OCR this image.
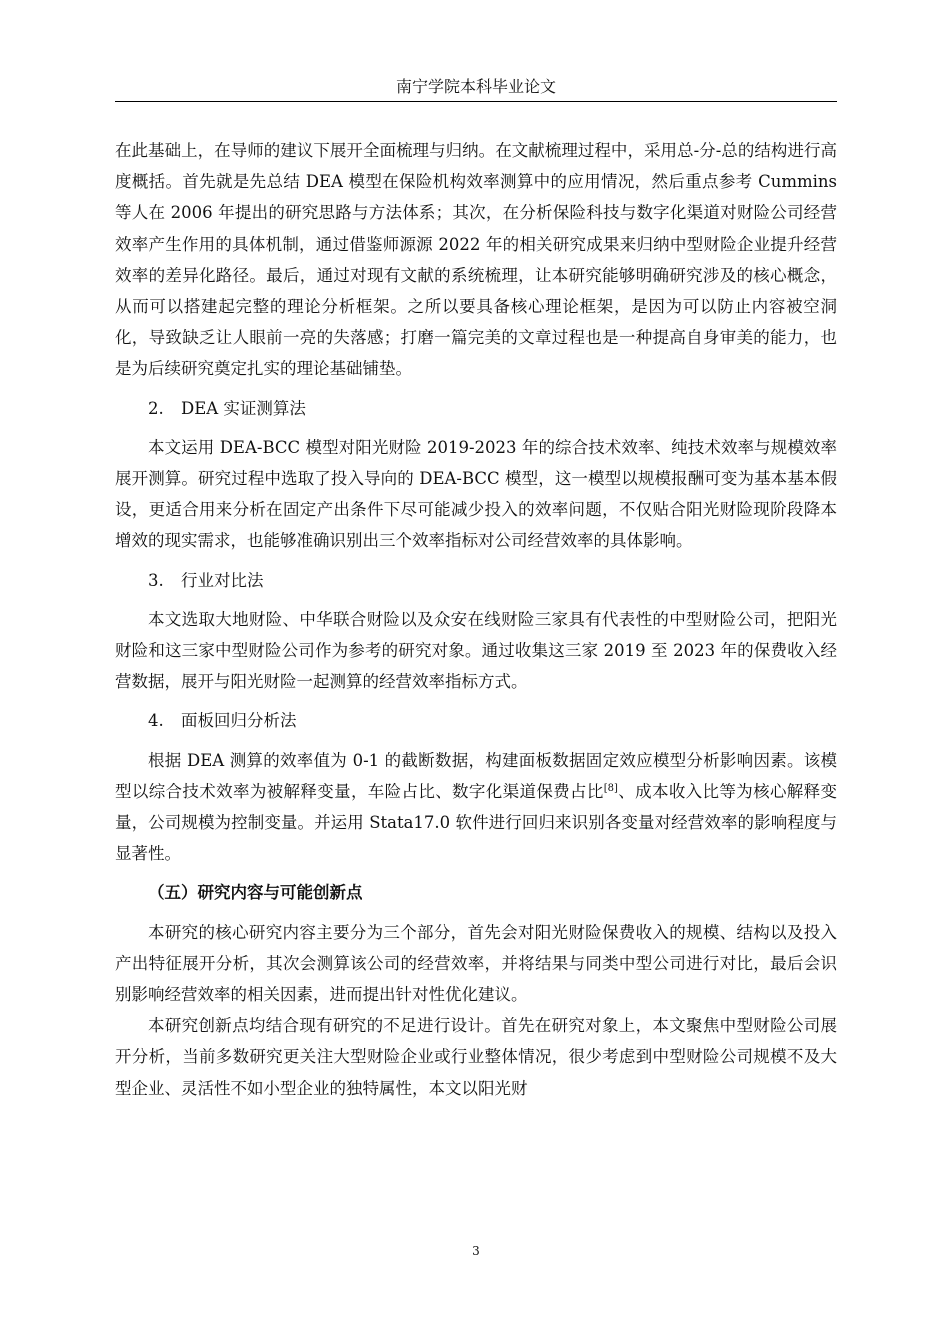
南宁学院本科毕业论文

在此基础上，在导师的建议下展开全面梳理与归纳。在文献梳理过程中，采用总-分-总的结构进行高度概括。首先就是先总结 DEA 模型在保险机构效率测算中的应用情况，然后重点参考 Cummins 等人在 2006 年提出的研究思路与方法体系；其次，在分析保险科技与数字化渠道对财险公司经营效率产生作用的具体机制，通过借鉴师源源 2022 年的相关研究成果来归纳中型财险企业提升经营效率的差异化路径。最后，通过对现有文献的系统梳理，让本研究能够明确研究涉及的核心概念，从而可以搭建起完整的理论分析框架。之所以要具备核心理论框架，是因为可以防止内容被空洞化，导致缺乏让人眼前一亮的失落感；打磨一篇完美的文章过程也是一种提高自身审美的能力，也是为后续研究奠定扎实的理论基础铺垫。

2. DEA 实证测算法

本文运用 DEA-BCC 模型对阳光财险 2019-2023 年的综合技术效率、纯技术效率与规模效率展开测算。研究过程中选取了投入导向的 DEA-BCC 模型，这一模型以规模报酬可变为基本基本假设，更适合用来分析在固定产出条件下尽可能减少投入的效率问题，不仅贴合阳光财险现阶段降本增效的现实需求，也能够准确识别出三个效率指标对公司经营效率的具体影响。

3. 行业对比法

本文选取大地财险、中华联合财险以及众安在线财险三家具有代表性的中型财险公司，把阳光财险和这三家中型财险公司作为参考的研究对象。通过收集这三家 2019 至 2023 年的保费收入经营数据，展开与阳光财险一起测算的经营效率指标方式。

4. 面板回归分析法

根据 DEA 测算的效率值为 0-1 的截断数据，构建面板数据固定效应模型分析影响因素。该模型以综合技术效率为被解释变量，车险占比、数字化渠道保费占比[8]、成本收入比等为核心解释变量，公司规模为控制变量。并运用 Stata17.0 软件进行回归来识别各变量对经营效率的影响程度与显著性。

（五）研究内容与可能创新点

本研究的核心研究内容主要分为三个部分，首先会对阳光财险保费收入的规模、结构以及投入产出特征展开分析，其次会测算该公司的经营效率，并将结果与同类中型公司进行对比，最后会识别影响经营效率的相关因素，进而提出针对性优化建议。

本研究创新点均结合现有研究的不足进行设计。首先在研究对象上，本文聚焦中型财险公司展开分析，当前多数研究更关注大型财险企业或行业整体情况，很少考虑到中型财险公司规模不及大型企业、灵活性不如小型企业的独特属性，本文以阳光财

3
